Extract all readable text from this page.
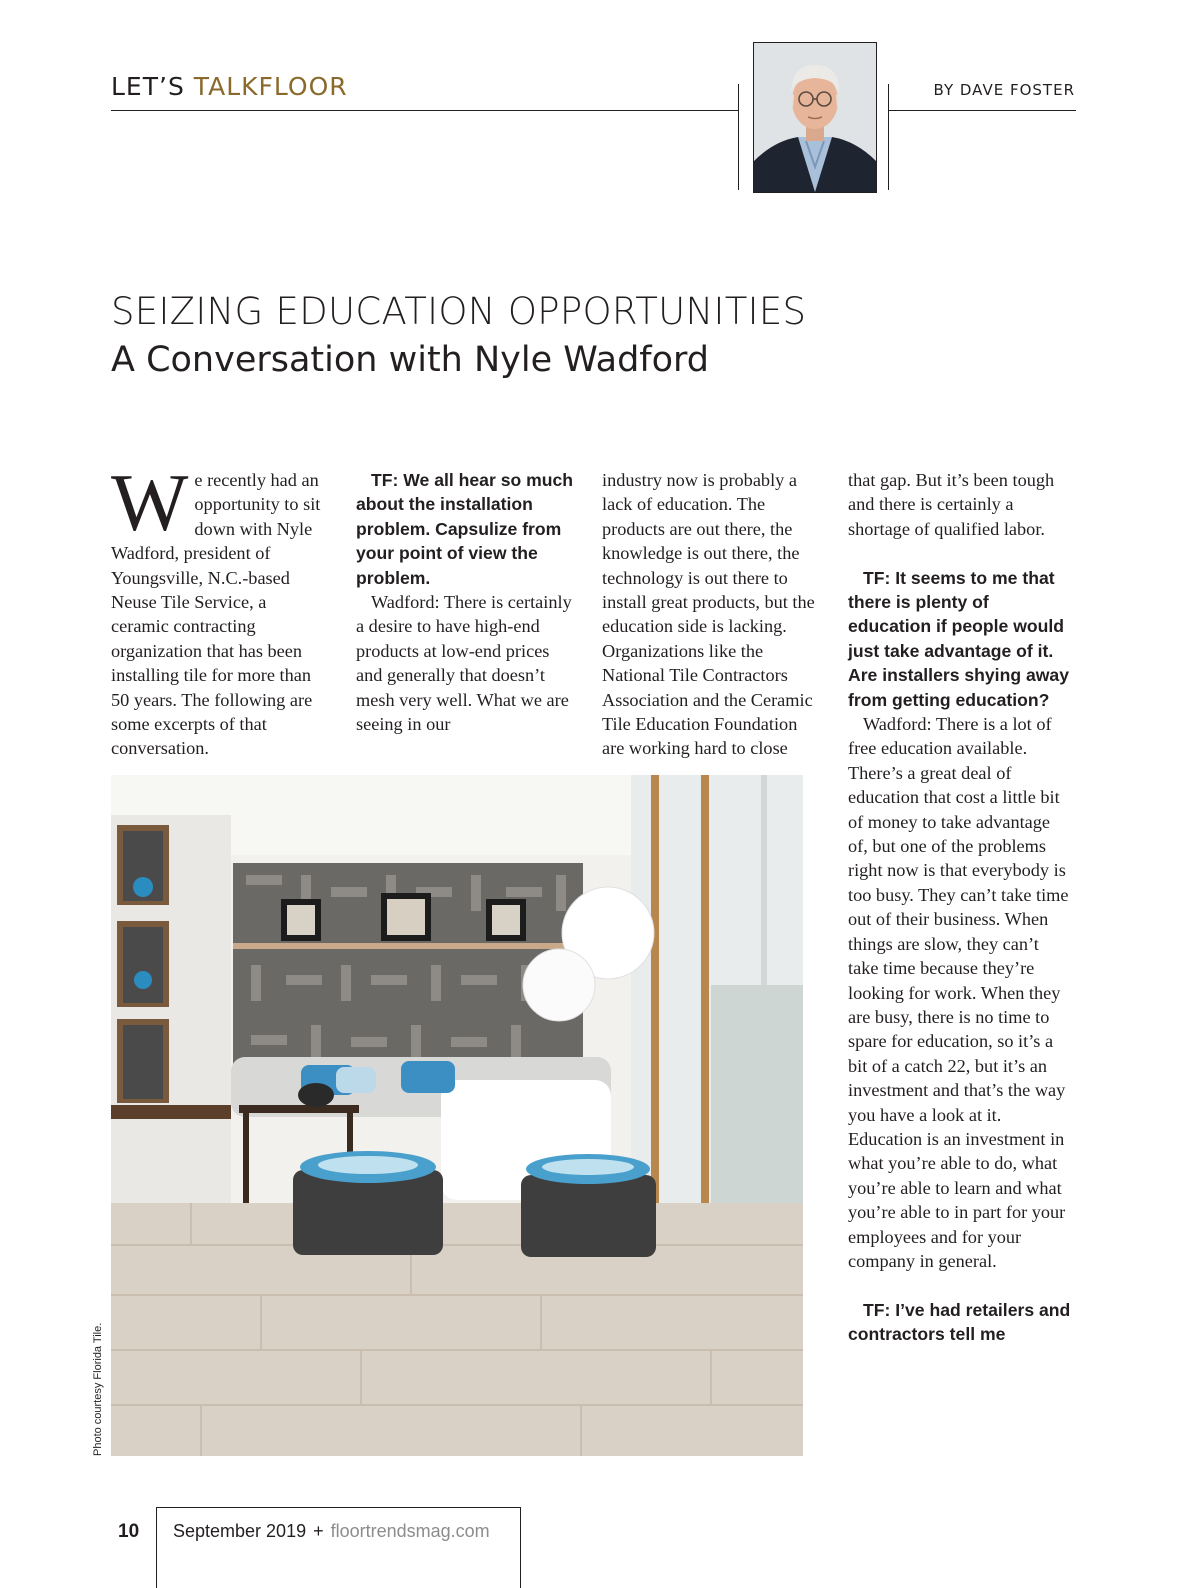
LET’S TALKFLOOR	BY DAVE FOSTER
SEIZING EDUCATION OPPORTUNITIES
A Conversation with Nyle Wadford

We recently had an opportunity to sit down with Nyle Wadford, president of Youngsville, N.C.-based Neuse Tile Service, a ceramic contracting organization that has been installing tile for more than 50 years. The following are some excerpts of that conversation.

TF: We all hear so much about the installation problem. Capsulize from your point of view the problem.

Wadford: There is certainly a desire to have high-end products at low-end prices and generally that doesn’t mesh very well. What we are seeing in our

industry now is probably a lack of education. The products are out there, the knowledge is out there, the technology is out there to install great products, but the education side is lacking. Organizations like the National Tile Contractors Association and the Ceramic Tile Education Foundation are working hard to close

that gap. But it’s been tough and there is certainly a shortage of qualified labor.

TF: It seems to me that there is plenty of education if people would just take advantage of it. Are installers shying away from getting education?

Wadford: There is a lot of free education available. There’s a great deal of education that cost a little bit of money to take advantage of, but one of the problems right now is that everybody is too busy. They can’t take time out of their business. When things are slow, they can’t take time because they’re looking for work. When they are busy, there is no time to spare for education, so it’s a bit of a catch 22, but it’s an investment and that’s the way you have a look at it. Education is an investment in what you’re able to do, what you’re able to learn and what you’re able to in part for your employees and for your company in general.

TF: I’ve had retailers and contractors tell me

Photo courtesy Florida Tile.
10 September 2019 + floortrendsmag.com
